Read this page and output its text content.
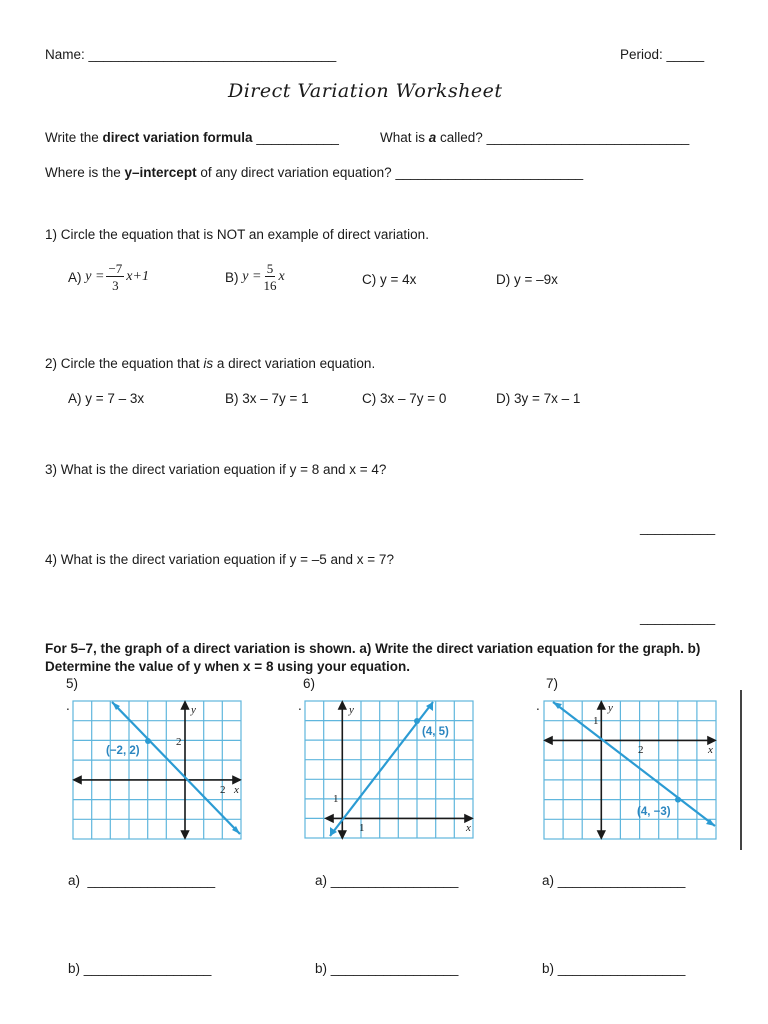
Name: _________________________________	Period: _____
Direct Variation Worksheet
Write the direct variation formula ___________	What is a called? ___________________________
Where is the y–intercept of any direct variation equation? _________________________
1) Circle the equation that is NOT an example of direct variation.
A)
$y = \frac{-7}{3} x+1$	B)
$y = \frac{5}{16}$ x	C) y = 4x	D) y = –9x
2) Circle the equation that is a direct variation equation.
A) y = 7 – 3x	B) 3x – 7y = 1	C) 3x – 7y = 0	D) 3y = 7x – 1
3) What is the direct variation equation if y = 8 and x = 4?
__________
4) What is the direct variation equation if y = –5 and x = 7?
__________
For 5–7, the graph of a direct variation is shown. a) Write the direct variation equation for the graph. b) Determine the value of y when x = 8 using your equation.
5)	6)	7)
.	.	.
(−2, 2)
y
x
2
2
(4, 5)
y
x
1
1
(4, −3)
y
x
1
2
a) _________________	a) _________________	a) _________________
b) _________________	b) _________________	b) _________________
